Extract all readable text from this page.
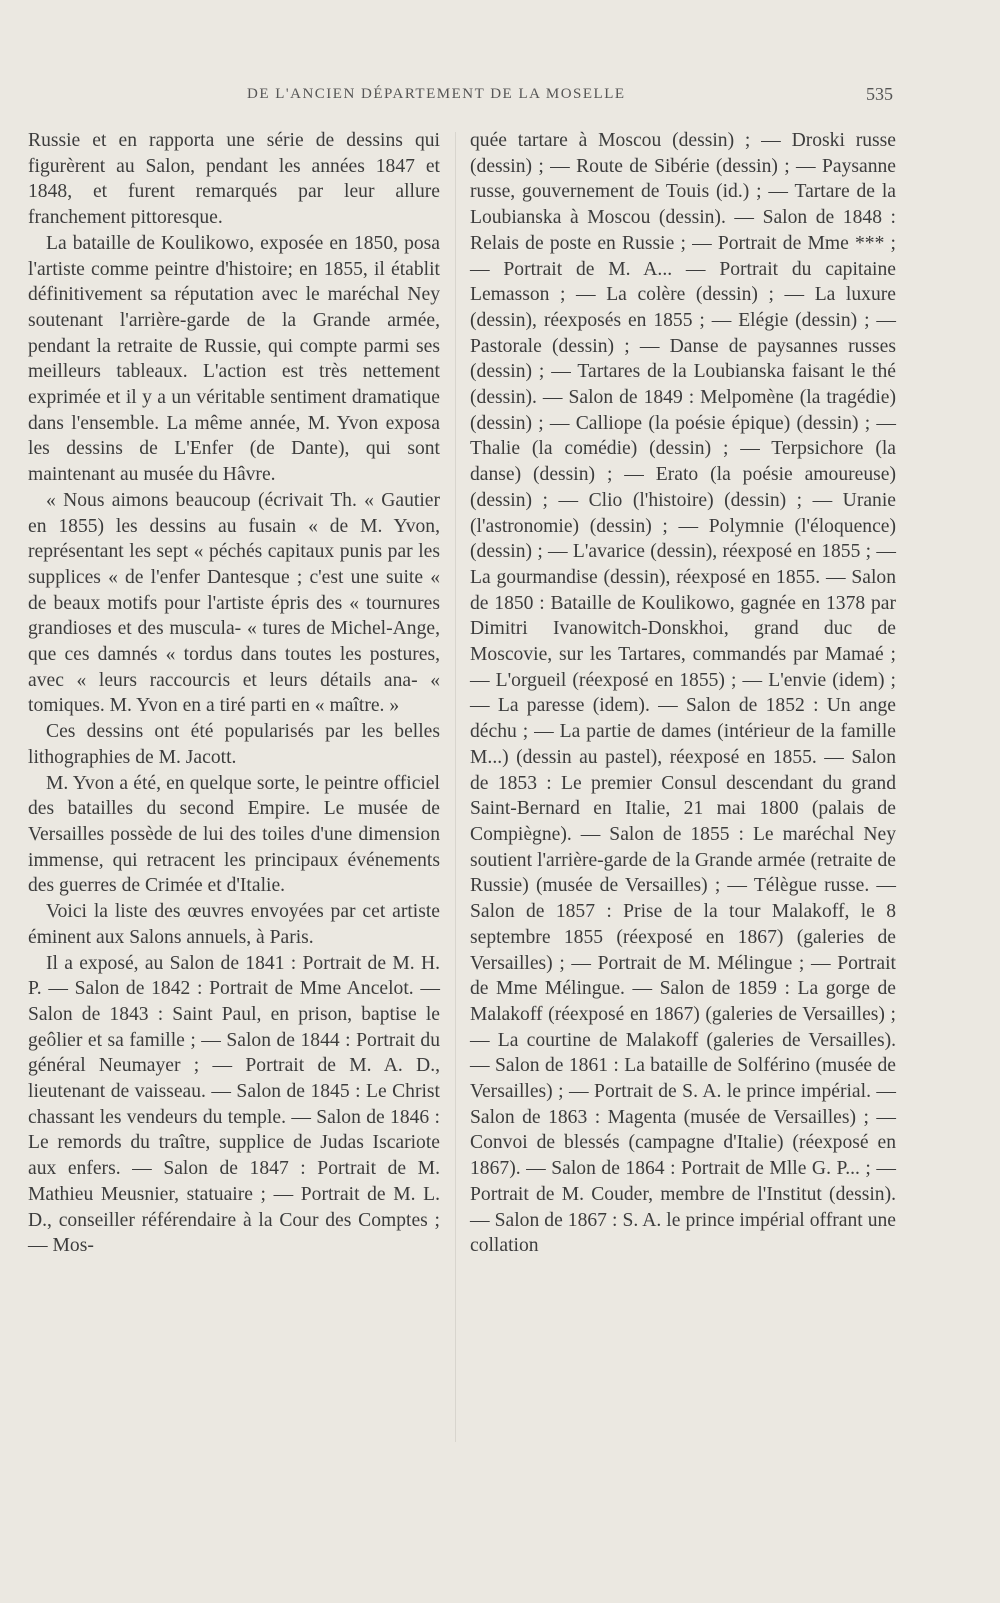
DE L'ANCIEN DÉPARTEMENT DE LA MOSELLE	535

Russie et en rapporta une série de dessins qui figurèrent au Salon, pendant les années 1847 et 1848, et furent remarqués par leur allure franchement pittoresque.

La bataille de Koulikowo, exposée en 1850, posa l'artiste comme peintre d'histoire; en 1855, il établit définitivement sa réputation avec le maréchal Ney soutenant l'arrière-garde de la Grande armée, pendant la retraite de Russie, qui compte parmi ses meilleurs tableaux. L'action est très nettement exprimée et il y a un véritable sentiment dramatique dans l'ensemble. La même année, M. Yvon exposa les dessins de L'Enfer (de Dante), qui sont maintenant au musée du Hâvre.

« Nous aimons beaucoup (écrivait Th. « Gautier en 1855) les dessins au fusain « de M. Yvon, représentant les sept « péchés capitaux punis par les supplices « de l'enfer Dantesque ; c'est une suite « de beaux motifs pour l'artiste épris des « tournures grandioses et des muscula- « tures de Michel-Ange, que ces damnés « tordus dans toutes les postures, avec « leurs raccourcis et leurs détails ana- « tomiques. M. Yvon en a tiré parti en « maître. »

Ces dessins ont été popularisés par les belles lithographies de M. Jacott.

M. Yvon a été, en quelque sorte, le peintre officiel des batailles du second Empire. Le musée de Versailles possède de lui des toiles d'une dimension immense, qui retracent les principaux événements des guerres de Crimée et d'Italie.

Voici la liste des œuvres envoyées par cet artiste éminent aux Salons annuels, à Paris.

Il a exposé, au Salon de 1841 : Portrait de M. H. P. — Salon de 1842 : Portrait de Mme Ancelot. — Salon de 1843 : Saint Paul, en prison, baptise le geôlier et sa famille ; — Salon de 1844 : Portrait du général Neumayer ; — Portrait de M. A. D., lieutenant de vaisseau. — Salon de 1845 : Le Christ chassant les vendeurs du temple. — Salon de 1846 : Le remords du traître, supplice de Judas Iscariote aux enfers. — Salon de 1847 : Portrait de M. Mathieu Meusnier, statuaire ; — Portrait de M. L. D., conseiller référendaire à la Cour des Comptes ; — Mos-

quée tartare à Moscou (dessin) ; — Droski russe (dessin) ; — Route de Sibérie (dessin) ; — Paysanne russe, gouvernement de Touis (id.) ; — Tartare de la Loubianska à Moscou (dessin). — Salon de 1848 : Relais de poste en Russie ; — Portrait de Mme *** ; — Portrait de M. A... — Portrait du capitaine Lemasson ; — La colère (dessin) ; — La luxure (dessin), réexposés en 1855 ; — Elégie (dessin) ; — Pastorale (dessin) ; — Danse de paysannes russes (dessin) ; — Tartares de la Loubianska faisant le thé (dessin). — Salon de 1849 : Melpomène (la tragédie) (dessin) ; — Calliope (la poésie épique) (dessin) ; — Thalie (la comédie) (dessin) ; — Terpsichore (la danse) (dessin) ; — Erato (la poésie amoureuse) (dessin) ; — Clio (l'histoire) (dessin) ; — Uranie (l'astronomie) (dessin) ; — Polymnie (l'éloquence) (dessin) ; — L'avarice (dessin), réexposé en 1855 ; — La gourmandise (dessin), réexposé en 1855. — Salon de 1850 : Bataille de Koulikowo, gagnée en 1378 par Dimitri Ivanowitch-Donskhoi, grand duc de Moscovie, sur les Tartares, commandés par Mamaé ; — L'orgueil (réexposé en 1855) ; — L'envie (idem) ; — La paresse (idem). — Salon de 1852 : Un ange déchu ; — La partie de dames (intérieur de la famille M...) (dessin au pastel), réexposé en 1855. — Salon de 1853 : Le premier Consul descendant du grand Saint-Bernard en Italie, 21 mai 1800 (palais de Compiègne). — Salon de 1855 : Le maréchal Ney soutient l'arrière-garde de la Grande armée (retraite de Russie) (musée de Versailles) ; — Télègue russe. — Salon de 1857 : Prise de la tour Malakoff, le 8 septembre 1855 (réexposé en 1867) (galeries de Versailles) ; — Portrait de M. Mélingue ; — Portrait de Mme Mélingue. — Salon de 1859 : La gorge de Malakoff (réexposé en 1867) (galeries de Versailles) ; — La courtine de Malakoff (galeries de Versailles). — Salon de 1861 : La bataille de Solférino (musée de Versailles) ; — Portrait de S. A. le prince impérial. — Salon de 1863 : Magenta (musée de Versailles) ; — Convoi de blessés (campagne d'Italie) (réexposé en 1867). — Salon de 1864 : Portrait de Mlle G. P... ; — Portrait de M. Couder, membre de l'Institut (dessin). — Salon de 1867 : S. A. le prince impérial offrant une collation
